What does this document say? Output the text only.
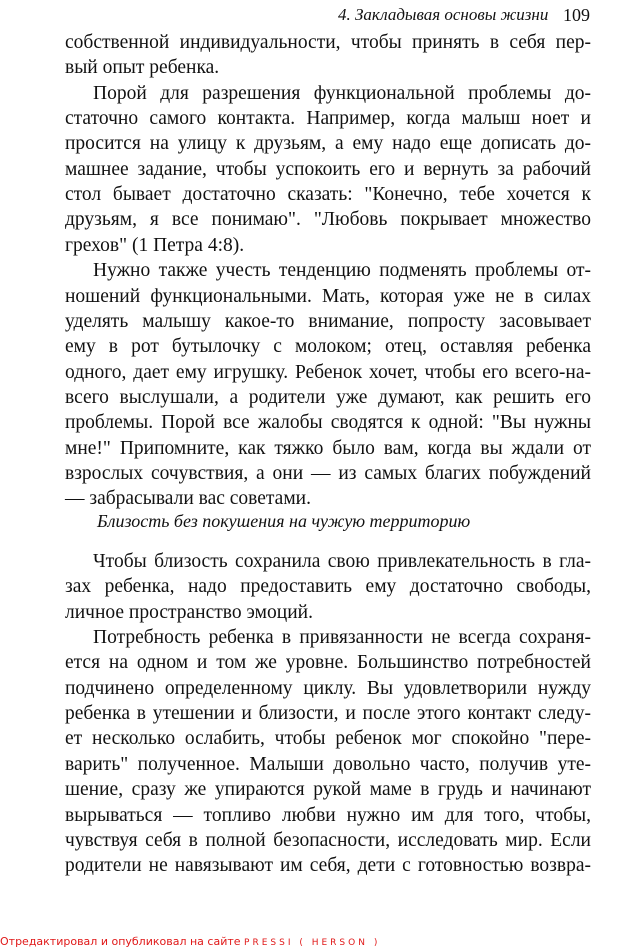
4. Закладывая основы жизни 109
собственной индивидуальности, чтобы принять в себя пер-
вый опыт ребенка.
Порой для разрешения функциональной проблемы до-
статочно самого контакта. Например, когда малыш ноет и
просится на улицу к друзьям, а ему надо еще дописать до-
машнее задание, чтобы успокоить его и вернуть за рабочий
стол бывает достаточно сказать: "Конечно, тебе хочется к
друзьям, я все понимаю". "Любовь покрывает множество
грехов" (1 Петра 4:8).
Нужно также учесть тенденцию подменять проблемы от-
ношений функциональными. Мать, которая уже не в силах
уделять малышу какое-то внимание, попросту засовывает
ему в рот бутылочку с молоком; отец, оставляя ребенка
одного, дает ему игрушку. Ребенок хочет, чтобы его всего-на-
всего выслушали, а родители уже думают, как решить его
проблемы. Порой все жалобы сводятся к одной: "Вы нужны
Близость без покушения на чужую территорию
Чтобы близость сохранила свою привлекательность в гла-
зах ребенка, надо предоставить ему достаточно свободы,
личное пространство эмоций.
Потребность ребенка в привязанности не всегда сохраня-
ется на одном и том же уровне. Большинство потребностей
подчинено определенному циклу. Вы удовлетворили нужду
ребенка в утешении и близости, и после этого контакт следу-
ет несколько ослабить, чтобы ребенок мог спокойно "пере-
варить" полученное. Малыши довольно часто, получив уте-
шение, сразу же упираются рукой маме в грудь и начинают
вырываться — топливо любви нужно им для того, чтобы,
чувствуя себя в полной безопасности, исследовать мир. Если
родители не навязывают им себя, дети с готовностью возвра-
Отредактировал и опубликовал на сайте PRESSI ( HERSON )
мне!" Припомните, как тяжко было вам, когда вы ждали от
взрослых сочувствия, а они — из самых благих побуждений
— забрасывали вас советами.
